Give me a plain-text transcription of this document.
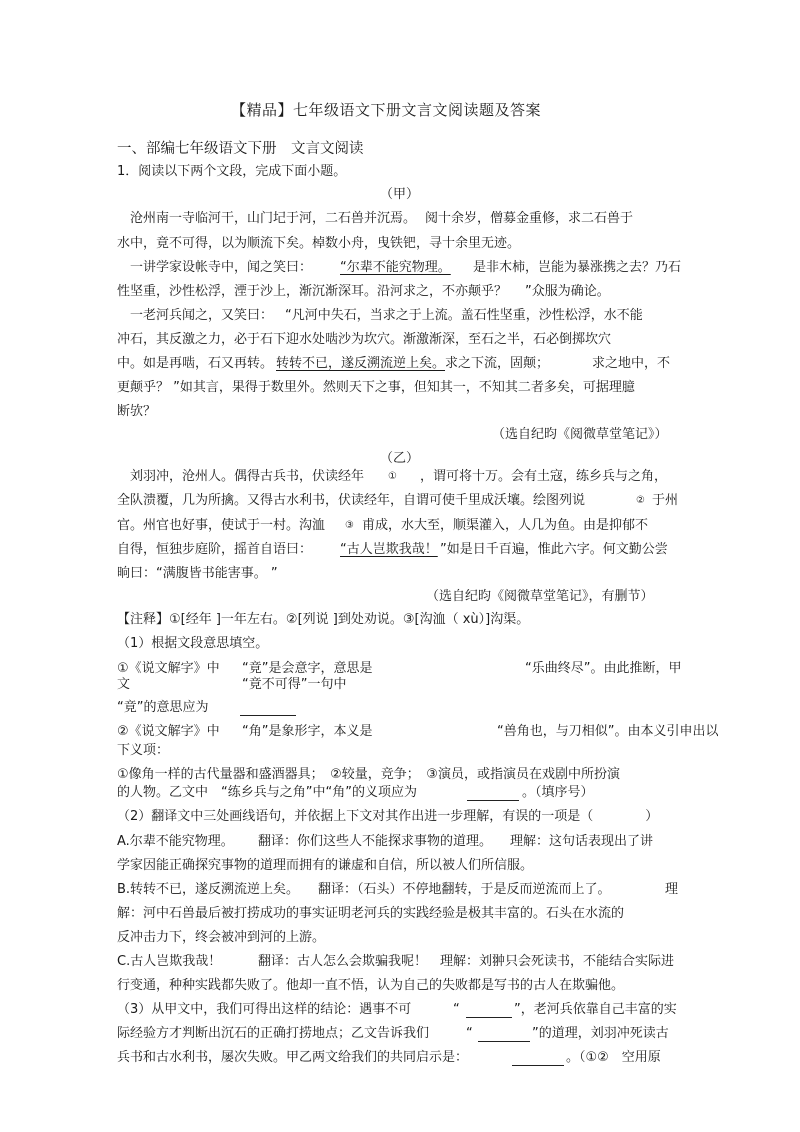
【精品】七年级语文下册文言文阅读题及答案
一、部编七年级语文下册　文言文阅读
1．阅读以下两个文段，完成下面小题。
（甲）
沧州南一寺临河干，山门圮于河，二石兽并沉焉。 阅十余岁，僧募金重修，求二石兽于
水中，竟不可得，以为顺流下矣。棹数小舟，曳铁钯，寻十余里无迹。
一讲学家设帐寺中，闻之笑曰： “尔辈不能究物理。 是非木柿，岂能为暴涨携之去？乃石
性坚重，沙性松浮，湮于沙上，渐沉渐深耳。沿河求之，不亦颠乎？ ”众服为确论。
一老河兵闻之，又笑曰： “凡河中失石，当求之于上流。盖石性坚重，沙性松浮，水不能
冲石，其反激之力，必于石下迎水处啮沙为坎穴。渐激渐深，至石之半，石必倒掷坎穴
中。如是再啮， 石又再转。 转转不已，遂反溯流逆上矣。 求之下流，固颠；	求之地中，不
更颠乎？ ”如其言，果得于数里外。然则天下之事，但知其一，不知其二者多矣，可据理臆
断欤？
（选自纪昀《阅微草堂笔记》）
（乙）
刘羽冲，沧州人。偶得古兵书，伏读经年 ① ，谓可将十万。会有土寇，练乡兵与之角，
全队溃覆，几为所擒。又得古水利书，伏读经年，自谓可使千里成沃壤。绘图列说	② 于州
官。州官也好事，使试于一村。沟洫 ③ 甫成，水大至，顺渠灌入，人几为鱼。由是抑郁不
自得，恒独步庭阶，摇首自语曰： “古人岂欺我哉！ ”如是日千百遍，惟此六字。何文勤公尝
晌曰：“满腹皆书能害事。 ”
（选自纪昀《阅微草堂笔记》，有删节）
【注释】①[经年 ]一年左右。②[列说 ]到处劝说。③[沟洫（ xù）]沟渠。
（1）根据文段意思填空。
①《说文解字》中 “竟”是会意字，意思是	“乐曲终尽”。由此推断，甲
文	“竟不可得”一句中
“竟”的意思应为
②《说文解字》中 “角”是象形字，本义是	“兽角也，与刀相似”。由本义引申出以
下义项：
①像角一样的古代量器和盛酒器具；　②较量，竞争；　③演员，或指演员在戏剧中所扮演
的人物。乙文中　“练乡兵与之角”中“角”的义项应为	。（填序号）
（2）翻译文中三处画线语句，并依据上下文对其作出进一步理解，有误的一项是（　　　　）
A.尔辈不能究物理。 翻译：你们这些人不能探求事物的道理。 理解：这句话表现出了讲
学家因能正确探究事物的道理而拥有的谦虚和自信，所以被人们所信服。
B.转转不已，遂反溯流逆上矣。 翻译：（石头）不停地翻转，于是反而逆流而上了。	理
解：河中石兽最后被打捞成功的事实证明老河兵的实践经验是极其丰富的。石头在水流的
反冲击力下，终会被冲到河的上游。
C.古人岂欺我哉！	翻译：古人怎么会欺骗我呢！ 理解：刘翀只会死读书，不能结合实际进
行变通，种种实践都失败了。他却一直不悟，认为自己的失败都是写书的古人在欺骗他。
（3）从甲文中，我们可得出这样的结论：遇事不可	“	”，老河兵依靠自己丰富的实
际经验方才判断出沉石的正确打捞地点；乙文告诉我们	“	”的道理，刘羽冲死读古
兵书和古水利书，屡次失败。甲乙两文给我们的共同启示是：	。（①②　空用原
